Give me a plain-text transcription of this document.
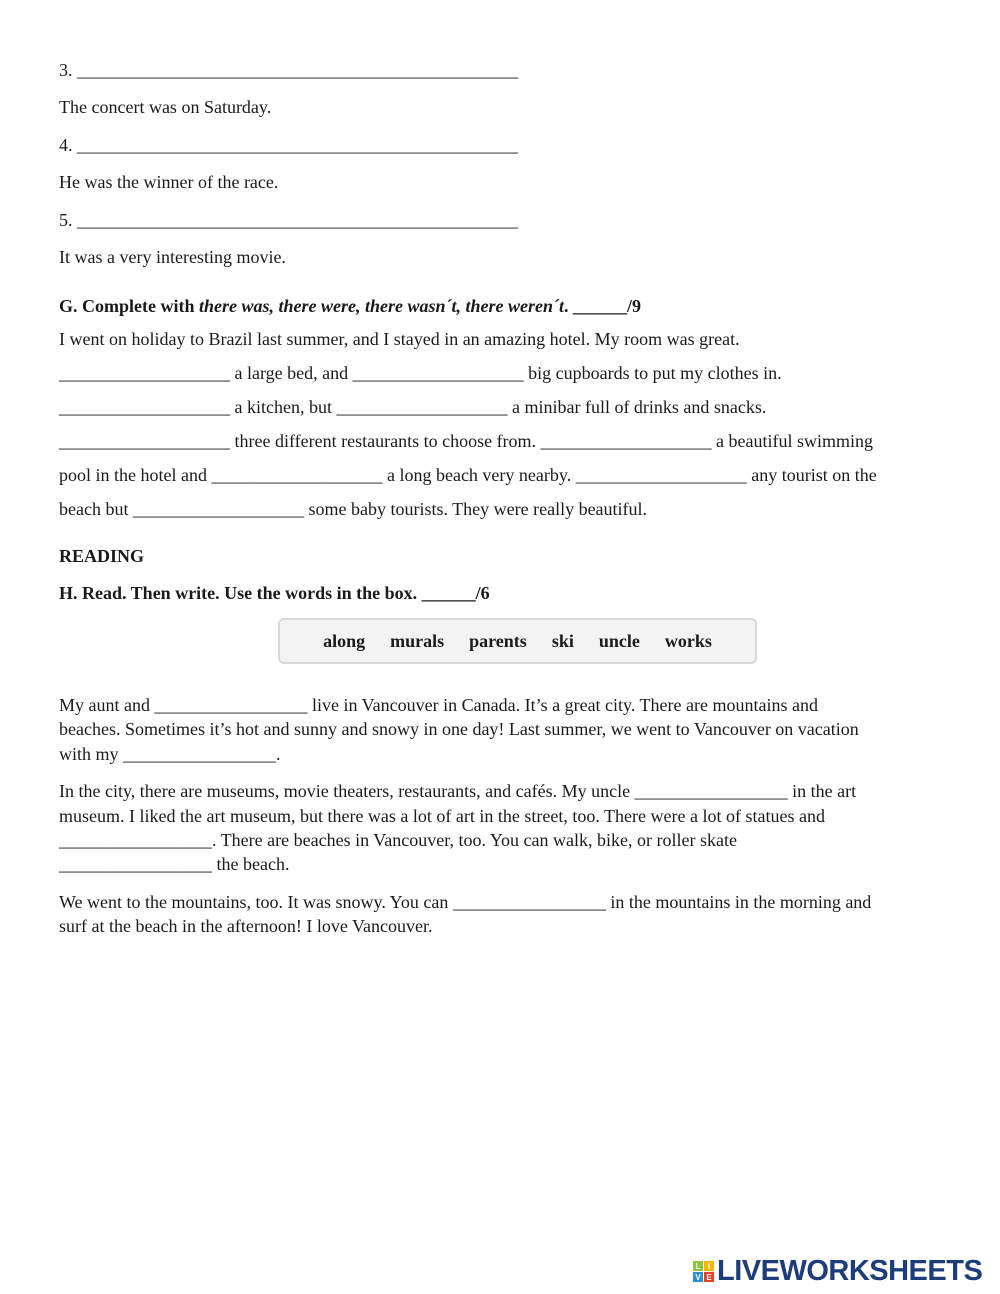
3. _________________________________________________
The concert was on Saturday.
4. _________________________________________________
He was the winner of the race.
5. _________________________________________________
It was a very interesting movie.
G. Complete with there was, there were, there wasn´t, there weren´t. ______/9
I went on holiday to Brazil last summer, and I stayed in an amazing hotel. My room was great.
___________________ a large bed, and ___________________ big cupboards to put my clothes in.
___________________ a kitchen, but ___________________ a minibar full of drinks and snacks.
___________________ three different restaurants to choose from. ___________________ a beautiful swimming
pool in the hotel and ___________________ a long beach very nearby. ___________________ any tourist on the
beach but ___________________ some baby tourists. They were really beautiful.
READING
H. Read. Then write. Use the words in the box. ______/6
along murals parents ski uncle works
My aunt and _________________ live in Vancouver in Canada. It’s a great city. There are mountains and
beaches. Sometimes it’s hot and sunny and snowy in one day! Last summer, we went to Vancouver on vacation
with my _________________.
In the city, there are museums, movie theaters, restaurants, and cafés. My uncle _________________ in the art
museum. I liked the art museum, but there was a lot of art in the street, too. There were a lot of statues and
_________________. There are beaches in Vancouver, too. You can walk, bike, or roller skate
_________________ the beach.
We went to the mountains, too. It was snowy. You can _________________ in the mountains in the morning and
surf at the beach in the afternoon! I love Vancouver.
L I
V E LIVEWORKSHEETS
